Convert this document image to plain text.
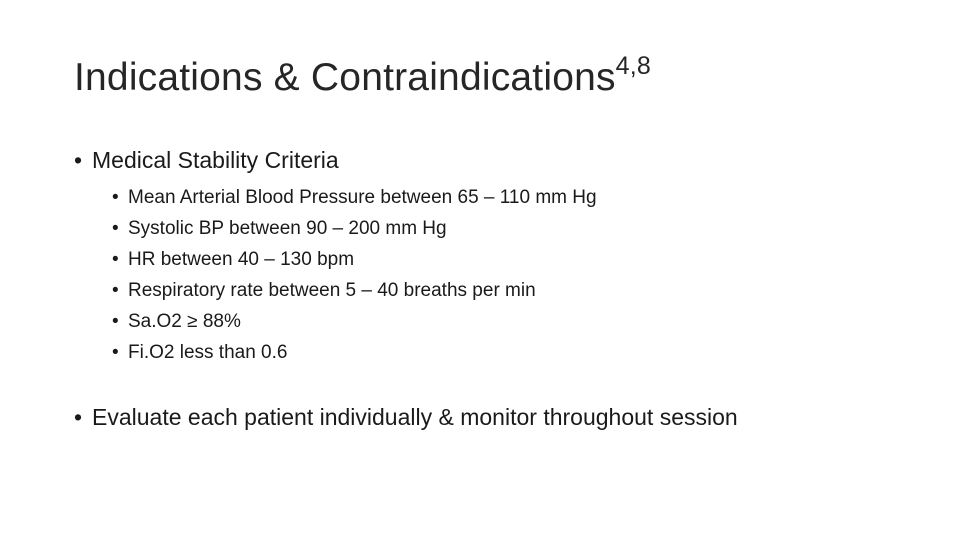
Indications & Contraindications$^{4,8}$
• Medical Stability Criteria
• Mean Arterial Blood Pressure between 65 – 110 mm Hg
• Systolic BP between 90 – 200 mm Hg
• HR between 40 – 130 bpm
• Respiratory rate between 5 – 40 breaths per min
• Sa.O2 ≥ 88%
• Fi.O2 less than 0.6
• Evaluate each patient individually & monitor throughout session
